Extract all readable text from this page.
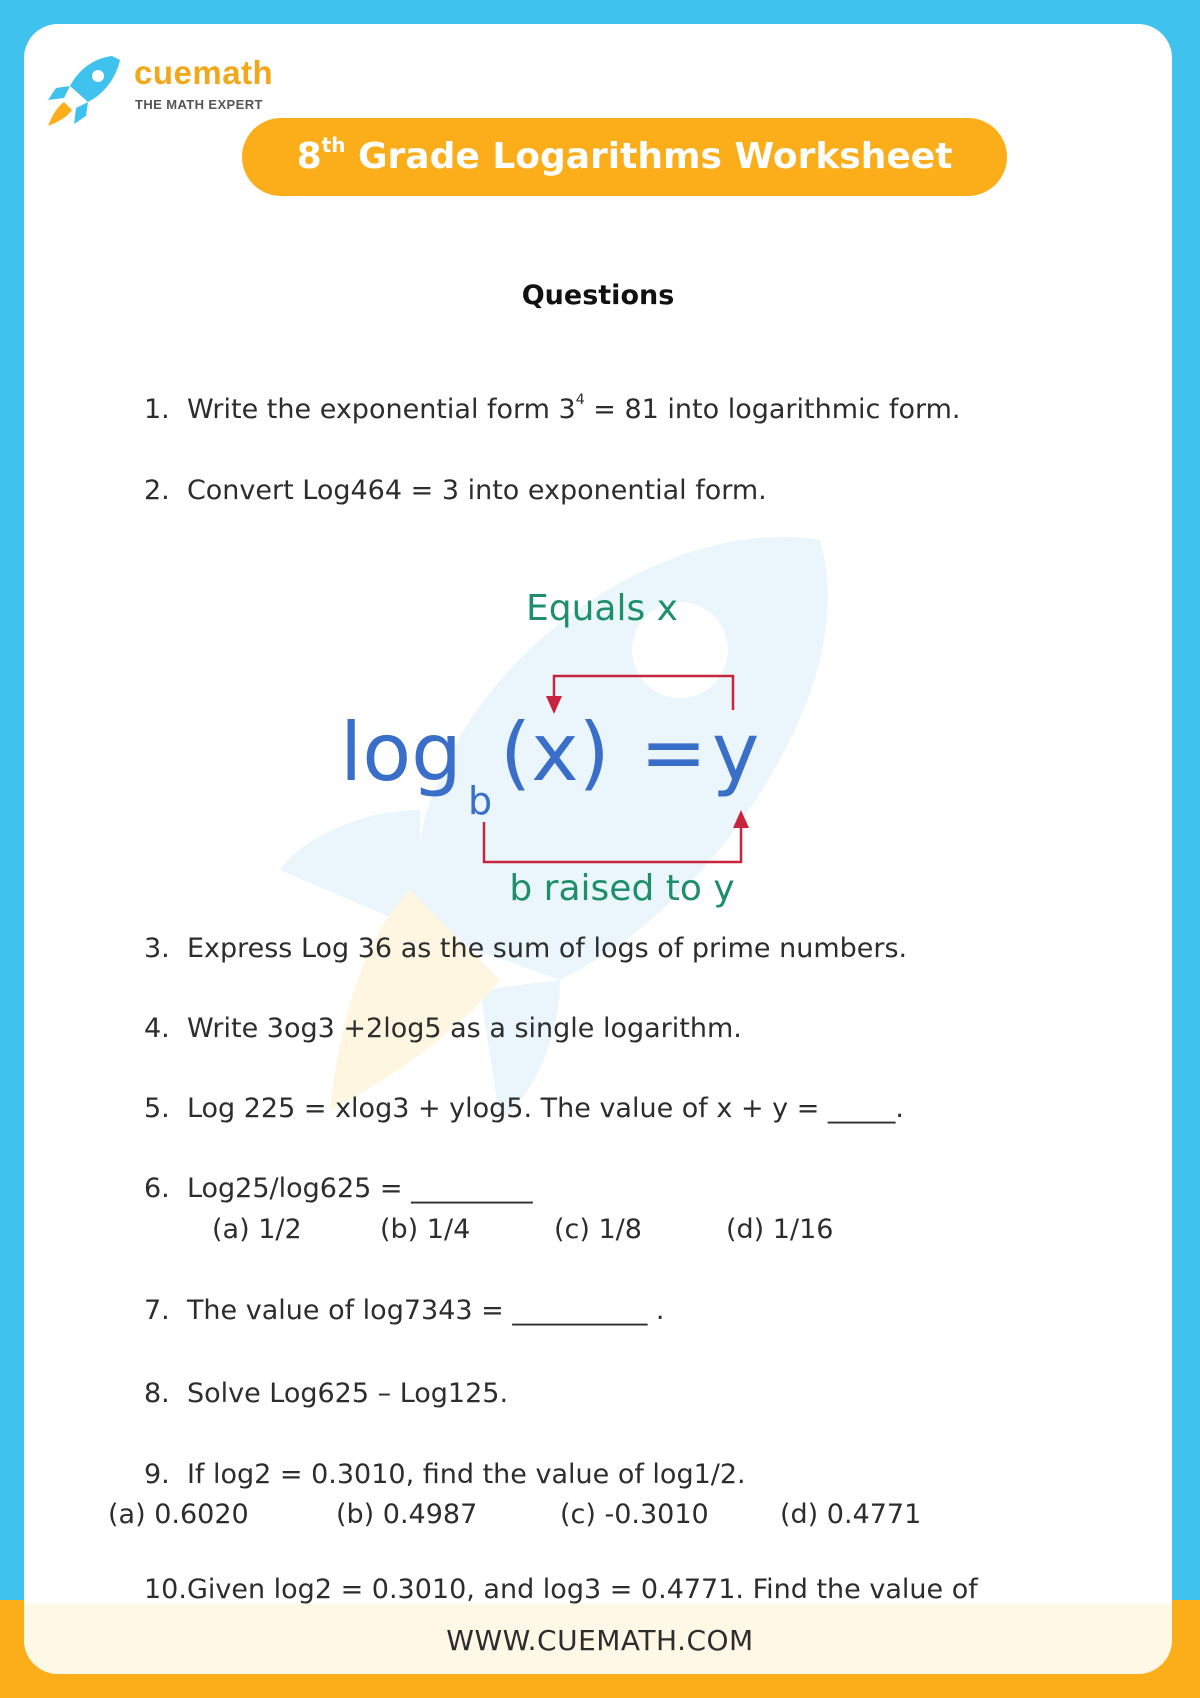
cuemath
THE MATH EXPERT
8th Grade Logarithms Worksheet
Questions
1. Write the exponential form $3^4 = 81$ into logarithmic form.
2. Convert Log464 = 3 into exponential form.
Equals x
log
b
(x) = y
b raised to y
3. Express Log 36 as the sum of logs of prime numbers.
4. Write 3og3 +2log5 as a single logarithm.
5. Log 225 = xlog3 + ylog5. The value of x + y = _____.
6. Log25/log625 = _________
(a) 1/2	(b) 1/4	(c) 1/8	(d) 1/16
7. The value of log7343 = __________ .
8. Solve Log625 – Log125.
9. If log2 = 0.3010, find the value of log1/2.
(a) 0.6020	(b) 0.4987	(c) -0.3010	(d) 0.4771
10.Given log2 = 0.3010, and log3 = 0.4771. Find the value of
WWW.CUEMATH.COM
